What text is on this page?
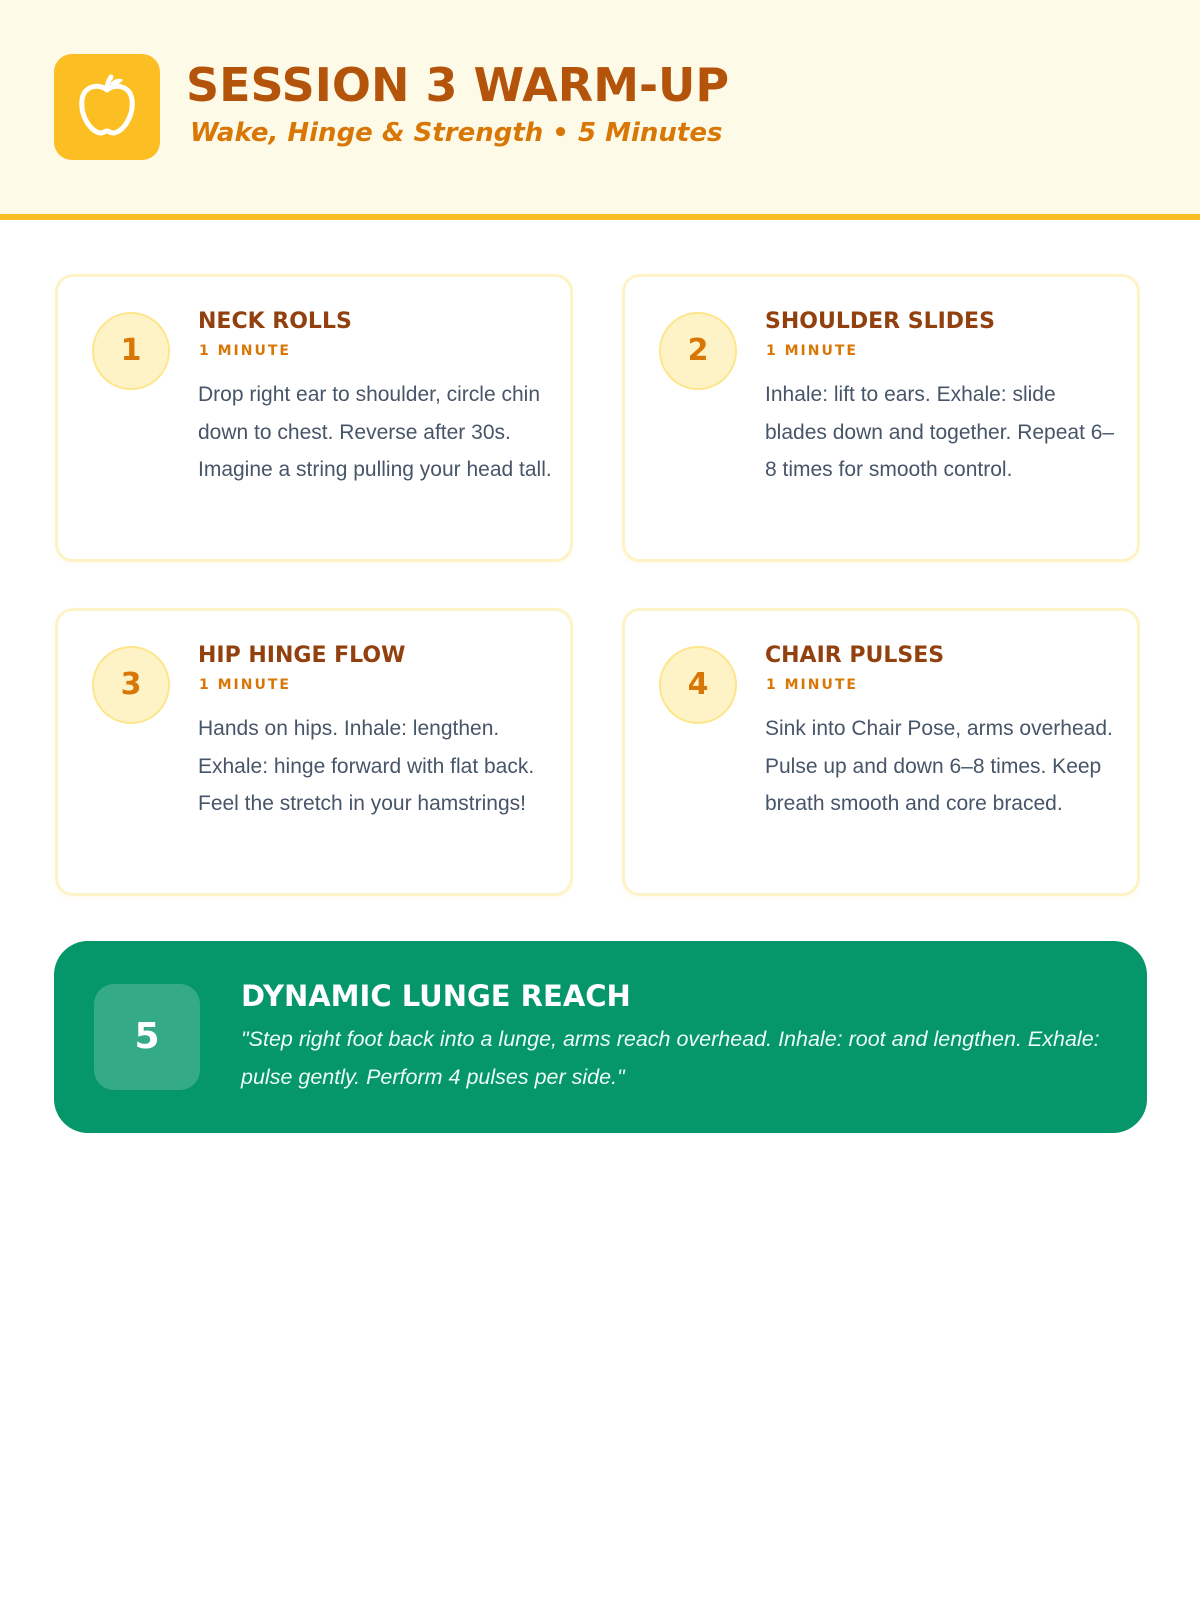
SESSION 3 WARM-UP

Wake, Hinge & Strength • 5 Minutes

1
NECK ROLLS
1 MINUTE

Drop right ear to shoulder, circle chin down to chest. Reverse after 30s. Imagine a string pulling your head tall.

2
SHOULDER SLIDES
1 MINUTE

Inhale: lift to ears. Exhale: slide blades down and together. Repeat 6–8 times for smooth control.

3
HIP HINGE FLOW
1 MINUTE

Hands on hips. Inhale: lengthen. Exhale: hinge forward with flat back. Feel the stretch in your hamstrings!

4
CHAIR PULSES
1 MINUTE

Sink into Chair Pose, arms overhead. Pulse up and down 6–8 times. Keep breath smooth and core braced.

5
DYNAMIC LUNGE REACH

"Step right foot back into a lunge, arms reach overhead. Inhale: root and lengthen. Exhale: pulse gently. Perform 4 pulses per side."
